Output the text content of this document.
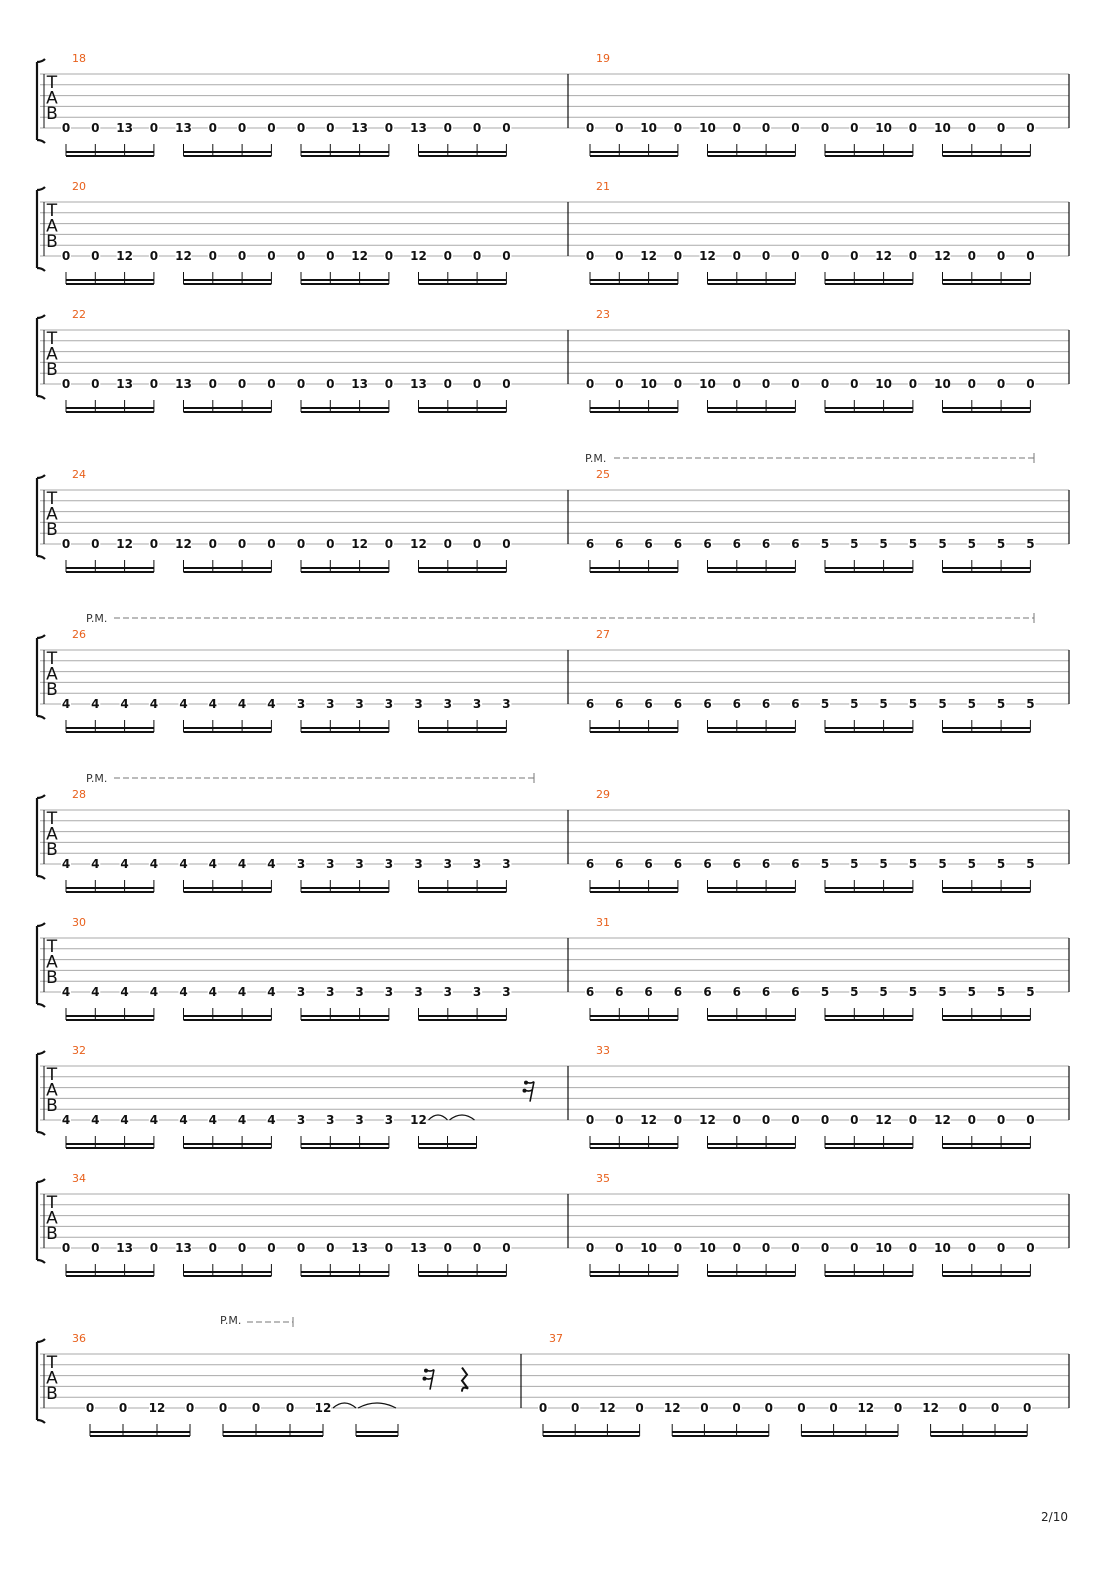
T
A
B
18
0 0 13 0 13 0 0 0 0 0 13 0 13 0 0 0
19
0 0 10 0 10 0 0 0 0 0 10 0 10 0 0 0
T
A
B
20
0 0 12 0 12 0 0 0 0 0 12 0 12 0 0 0
21
0 0 12 0 12 0 0 0 0 0 12 0 12 0 0 0
T
A
B
22
0 0 13 0 13 0 0 0 0 0 13 0 13 0 0 0
23
0 0 10 0 10 0 0 0 0 0 10 0 10 0 0 0
T
A
B
P.M.
24
0 0 12 0 12 0 0 0 0 0 12 0 12 0 0 0
25
6 6 6 6 6 6 6 6 5 5 5 5 5 5 5 5
T
A
B
P.M.
26
4 4 4 4 4 4 4 4 3 3 3 3 3 3 3 3
27
6 6 6 6 6 6 6 6 5 5 5 5 5 5 5 5
T
A
B
P.M.
28
4 4 4 4 4 4 4 4 3 3 3 3 3 3 3 3
29
6 6 6 6 6 6 6 6 5 5 5 5 5 5 5 5
T
A
B
30
4 4 4 4 4 4 4 4 3 3 3 3 3 3 3 3
31
6 6 6 6 6 6 6 6 5 5 5 5 5 5 5 5
T
A
B
32
4 4 4 4 4 4 4 4 3 3 3 3 12
33
0 0 12 0 12 0 0 0 0 0 12 0 12 0 0 0
T
A
B
34
0 0 13 0 13 0 0 0 0 0 13 0 13 0 0 0
35
0 0 10 0 10 0 0 0 0 0 10 0 10 0 0 0
T
A
B
36
0 0 12 0 0 0 0 12
37
0 0 12 0 12 0 0 0 0 0 12 0 12 0 0 0
P.M.
2/10
